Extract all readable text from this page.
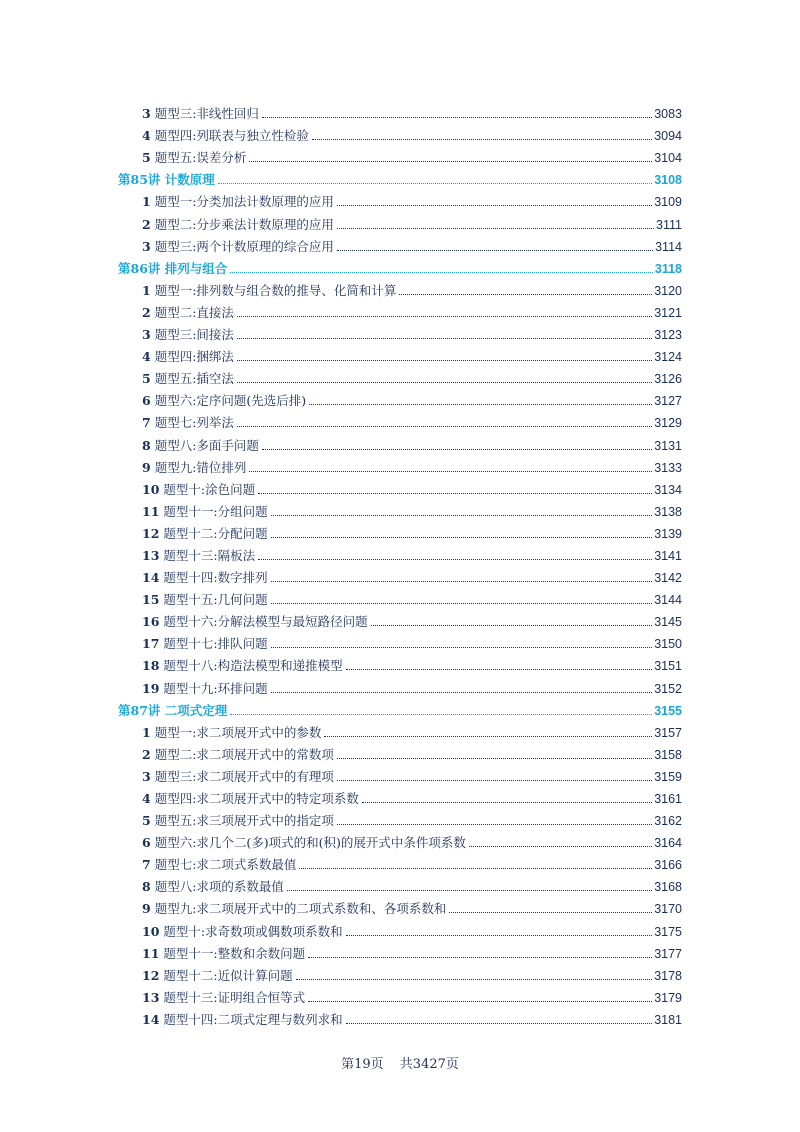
3 题型三:非线性回归	3083
4 题型四:列联表与独立性检验	3094
5 题型五:误差分析	3104
第85讲 计数原理	3108
1 题型一:分类加法计数原理的应用	3109
2 题型二:分步乘法计数原理的应用	3111
3 题型三:两个计数原理的综合应用	3114
第86讲 排列与组合	3118
1 题型一:排列数与组合数的推导、化简和计算	3120
2 题型二:直接法	3121
3 题型三:间接法	3123
4 题型四:捆绑法	3124
5 题型五:插空法	3126
6 题型六:定序问题(先选后排)	3127
7 题型七:列举法	3129
8 题型八:多面手问题	3131
9 题型九:错位排列	3133
10 题型十:涂色问题	3134
11 题型十一:分组问题	3138
12 题型十二:分配问题	3139
13 题型十三:隔板法	3141
14 题型十四:数字排列	3142
15 题型十五:几何问题	3144
16 题型十六:分解法模型与最短路径问题	3145
17 题型十七:排队问题	3150
18 题型十八:构造法模型和递推模型	3151
19 题型十九:环排问题	3152
第87讲 二项式定理	3155
1 题型一:求二项展开式中的参数	3157
2 题型二:求二项展开式中的常数项	3158
3 题型三:求二项展开式中的有理项	3159
4 题型四:求二项展开式中的特定项系数	3161
5 题型五:求三项展开式中的指定项	3162
6 题型六:求几个二(多)项式的和(积)的展开式中条件项系数	3164
7 题型七:求二项式系数最值	3166
8 题型八:求项的系数最值	3168
9 题型九:求二项展开式中的二项式系数和、各项系数和	3170
10 题型十:求奇数项或偶数项系数和	3175
11 题型十一:整数和余数问题	3177
12 题型十二:近似计算问题	3178
13 题型十三:证明组合恒等式	3179
14 题型十四:二项式定理与数列求和	3181
第19页 共3427页
